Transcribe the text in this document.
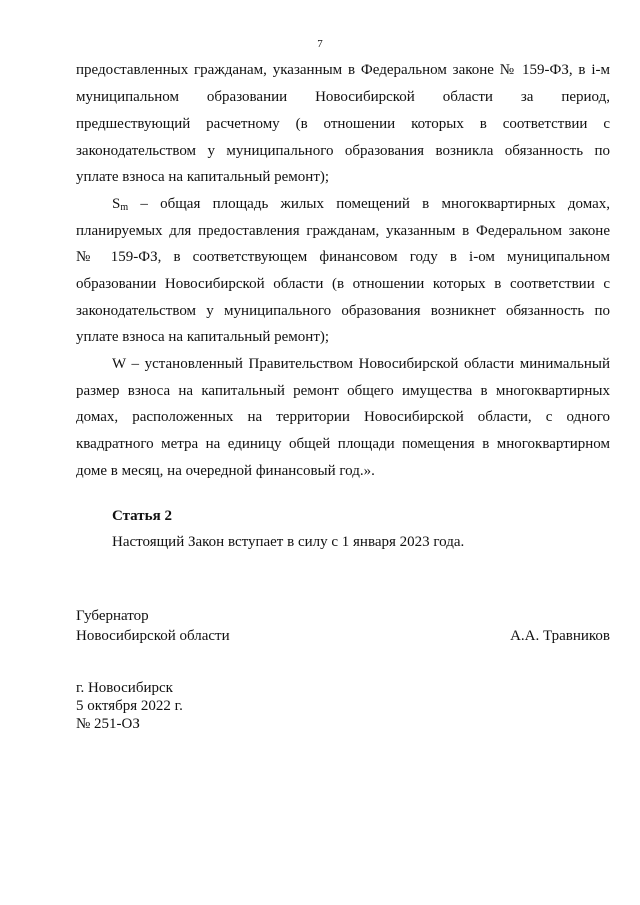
7
предоставленных гражданам, указанным в Федеральном законе № 159-ФЗ, в i-м
муниципальном образовании Новосибирской области за период,
предшествующий расчетному (в отношении которых в соответствии с
законодательством у муниципального образования возникла обязанность по
уплате взноса на капитальный ремонт);
$S_m$ – общая площадь жилых помещений в многоквартирных домах,
планируемых для предоставления гражданам, указанным в Федеральном законе
№ 159-ФЗ, в соответствующем финансовом году в i-ом муниципальном
образовании Новосибирской области (в отношении которых в соответствии с
законодательством у муниципального образования возникнет обязанность по
уплате взноса на капитальный ремонт);
W – установленный Правительством Новосибирской области минимальный
размер взноса на капитальный ремонт общего имущества в многоквартирных
домах, расположенных на территории Новосибирской области, с одного
квадратного метра на единицу общей площади помещения в многоквартирном
доме в месяц, на очередной финансовый год.».
Статья 2
Настоящий Закон вступает в силу с 1 января 2023 года.
Губернатор
Новосибирской области	А.А. Травников
г. Новосибирск
5 октября 2022 г.
№ 251-ОЗ
